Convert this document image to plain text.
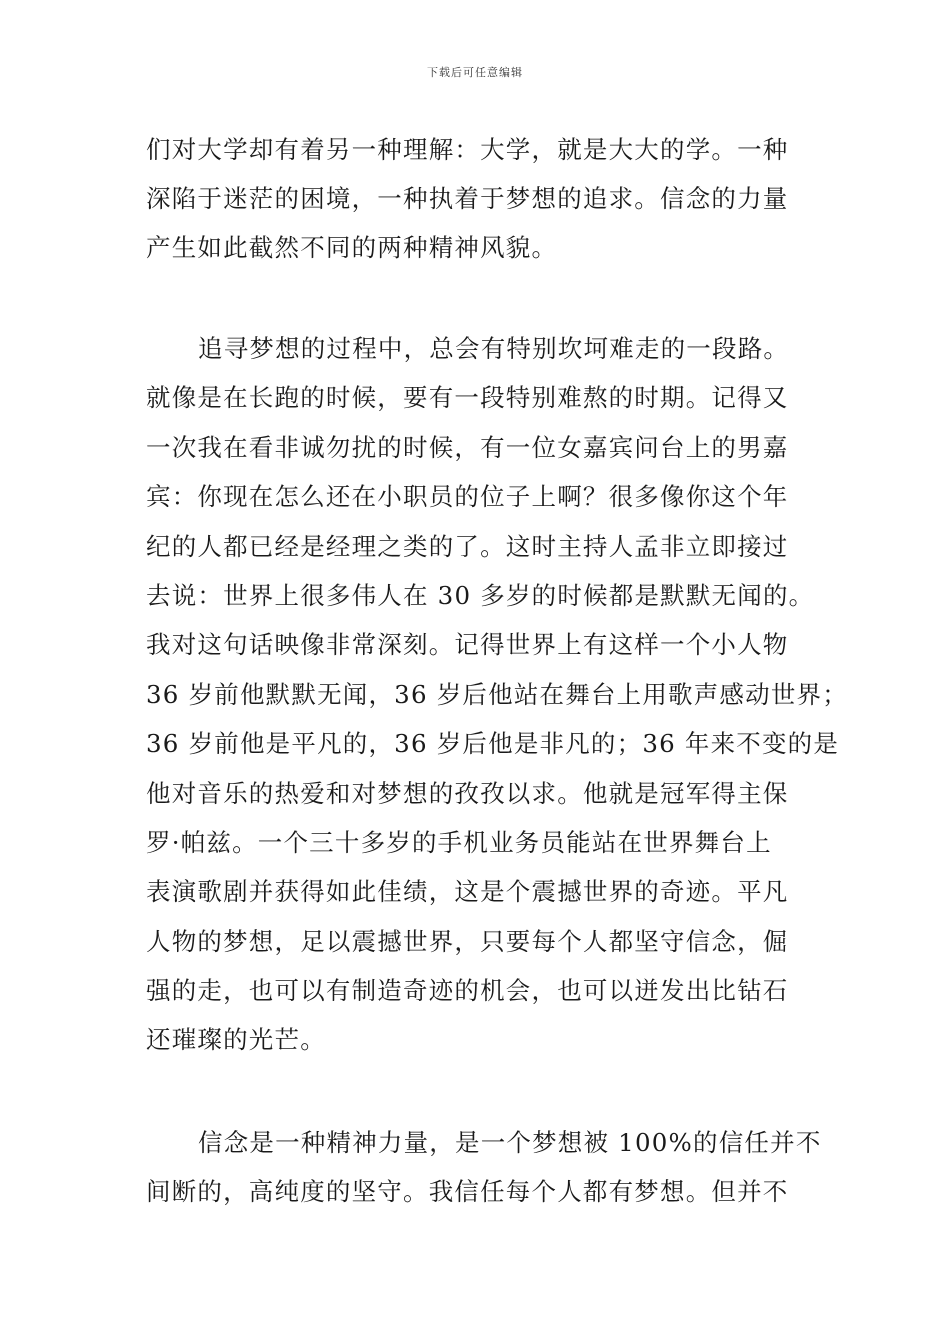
下载后可任意编辑
们对大学却有着另一种理解：大学，就是大大的学。一种
深陷于迷茫的困境，一种执着于梦想的追求。信念的力量
产生如此截然不同的两种精神风貌。
追寻梦想的过程中，总会有特别坎坷难走的一段路。
就像是在长跑的时候，要有一段特别难熬的时期。记得又
一次我在看非诚勿扰的时候，有一位女嘉宾问台上的男嘉
宾：你现在怎么还在小职员的位子上啊？很多像你这个年
纪的人都已经是经理之类的了。这时主持人孟非立即接过
去说：世界上很多伟人在 30 多岁的时候都是默默无闻的。
我对这句话映像非常深刻。记得世界上有这样一个小人物
36 岁前他默默无闻，36 岁后他站在舞台上用歌声感动世界；
36 岁前他是平凡的，36 岁后他是非凡的；36 年来不变的是
他对音乐的热爱和对梦想的孜孜以求。他就是冠军得主保
罗·帕兹。一个三十多岁的手机业务员能站在世界舞台上
表演歌剧并获得如此佳绩，这是个震撼世界的奇迹。平凡
人物的梦想，足以震撼世界，只要每个人都坚守信念，倔
强的走，也可以有制造奇迹的机会，也可以迸发出比钻石
还璀璨的光芒。
信念是一种精神力量，是一个梦想被 100%的信任并不
间断的，高纯度的坚守。我信任每个人都有梦想。但并不
